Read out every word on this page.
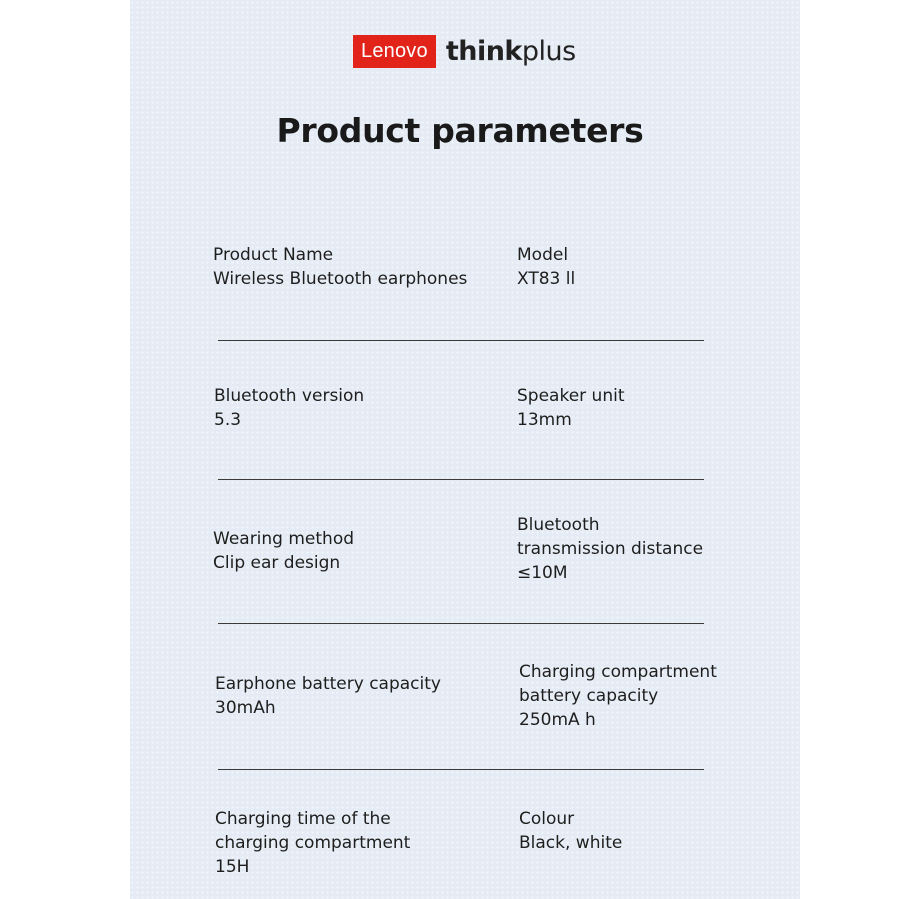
Lenovo thinkplus
Product parameters
Product Name
Wireless Bluetooth earphones
Model
XT83 ll
Bluetooth version
5.3
Speaker unit
13mm
Wearing method
Clip ear design
Bluetooth
transmission distance
≤10M
Earphone battery capacity
30mAh
Charging compartment
battery capacity
250mA h
Charging time of the
charging compartment
15H
Colour
Black, white
